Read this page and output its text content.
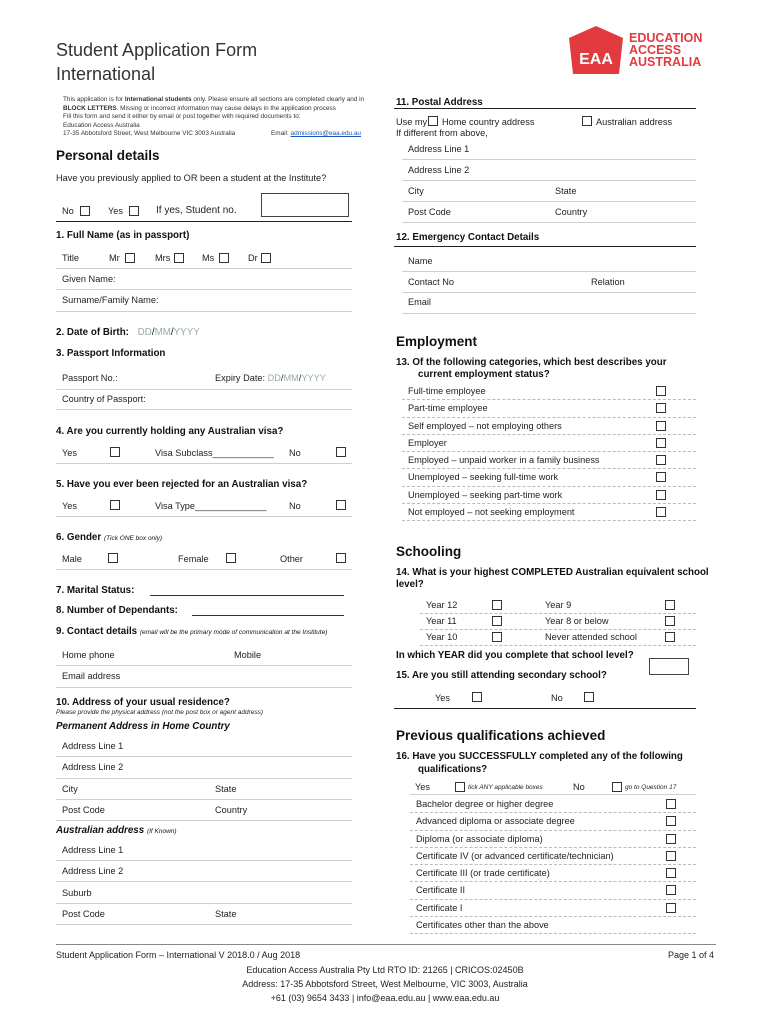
Student Application Form
International
EAA
EDUCATION
ACCESS
AUSTRALIA
This application is for International students only. Please ensure all sections are completed clearly and in
BLOCK LETTERS. Missing or incorrect information may cause delays in the application process
Fill this form and send it either by email or post together with required documents to:
Education Access Australia
17-35 Abbotsford Street, West Melbourne VIC 3003 Australia	Email: admissions@eaa.edu.au
Personal details
Have you previously applied to OR been a student at the Institute?
No	Yes	If yes, Student no.
1. Full Name (as in passport)
Title	Mr	Mrs	Ms	Dr
Given Name:
Surname/Family Name:
2. Date of Birth: DD/MM/YYYY
3. Passport Information
Passport No.:	Expiry Date: DD/MM/YYYY
Country of Passport:
4. Are you currently holding any Australian visa?
Yes	Visa Subclass____________ No
5. Have you ever been rejected for an Australian visa?
Yes	Visa Type______________ No
6. Gender (Tick ONE box only)
Male	Female	Other
7. Marital Status:
8. Number of Dependants:
9. Contact details (email will be the primary mode of communication at the Institute)
Home phone	Mobile
Email address
10. Address of your usual residence?
Please provide the physical address (not the post box or agent address)
Permanent Address in Home Country
Address Line 1
Address Line 2
City	State
Post Code	Country
Australian address (If Known)
Address Line 1
Address Line 2
Suburb
Post Code	State
11. Postal Address
Use my Home country address	Australian address
If different from above,
Address Line 1
Address Line 2
City	State
Post Code	Country
12. Emergency Contact Details
Name
Contact No	Relation
Email
Employment
13. Of the following categories, which best describes your
current employment status?
Full-time employee
Part-time employee
Self employed – not employing others
Employer
Employed – unpaid worker in a family business
Unemployed – seeking full-time work
Unemployed – seeking part-time work
Not employed – not seeking employment
Schooling
14. What is your highest COMPLETED Australian equivalent school
level?
Year 12	Year 9
Year 11	Year 8 or below
Year 10	Never attended school
In which YEAR did you complete that school level?
15. Are you still attending secondary school?
Yes	No
Previous qualifications achieved
16. Have you SUCCESSFULLY completed any of the following
qualifications?
Yes	tick ANY applicable boxes	No	go to Question 17
Bachelor degree or higher degree
Advanced diploma or associate degree
Diploma (or associate diploma)
Certificate IV (or advanced certificate/technician)
Certificate III (or trade certificate)
Certificate II
Certificate I
Certificates other than the above
Student Application Form – International V 2018.0 / Aug 2018	Page 1 of 4
Education Access Australia Pty Ltd RTO ID: 21265 | CRICOS:02450B
Address: 17-35 Abbotsford Street, West Melbourne, VIC 3003, Australia
+61 (03) 9654 3433 | info@eaa.edu.au | www.eaa.edu.au
